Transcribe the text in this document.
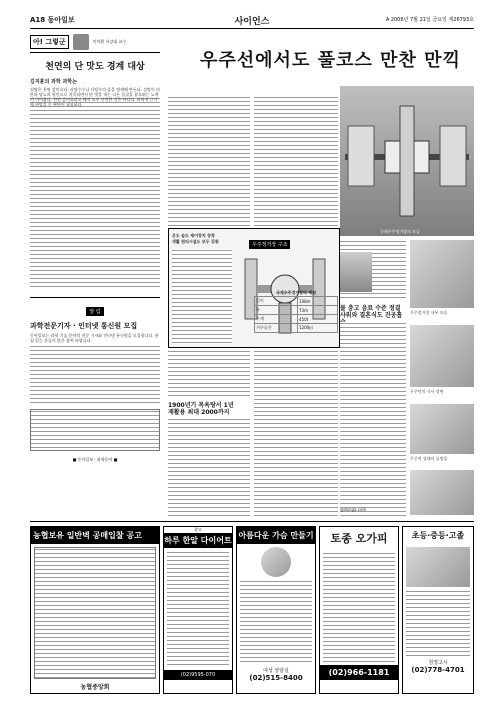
A18 동아일보	사이언스	A 2006년 7월 21일 금요일 제26793호
아! 그렇군	이덕환 서강대 교수
천연의 단 맛도 경계 대상
김지훈의 과학 과학논
설탕은 천연 감미료다. 사탕수수나 사탕무의 즙을 정제해 만든다. 설탕이 비만과 당뇨의 원인으로 지목되면서 단 맛을 내는 다른 물질을 찾으려는 노력이 이어졌다. 천연 감미료라고 해서 모두 안전한 것은 아니다. 과학적 근거에 바탕을 둔 판단이 필요하다.
알 림
과학전문기자 · 인터넷 통신원 모집
동아일보는 과학 기술 분야의 전문 기자와 인터넷 통신원을 모집합니다. 관심 있는 분들의 많은 참여 바랍니다.
■ 동아일보 · 과학동아 ■
우주선에서도 풀코스 만찬 만끽
국제우주정거장의 모습
우주정거장 구조
온도 습도 제어장치 장착
생활 편의시설도 모두 갖춰
국제우주정거장의 제원
길이	108m
폭	73m
무게	450t
거주공간	1200㎥
1900년기 목욕탕서 1년
재활용 최대 2000까지
물 충고 음료 수준 정결
사워와 결혼식도 진공흡
@donga.com
우주정거장 내부 모습
우주인의 식사 장면
무중력 상태의 물방울
농협보유 일반벽 공매입찰 공고
농협중앙회
광고
하루 한알 다이어트
(02)9595-070
아름다운 가슴 만들기
여성 상담실
(02)515-8400
토종 오가피
(02)966-1181
초등·중등·고졸
검정고시
(02)778-4701
